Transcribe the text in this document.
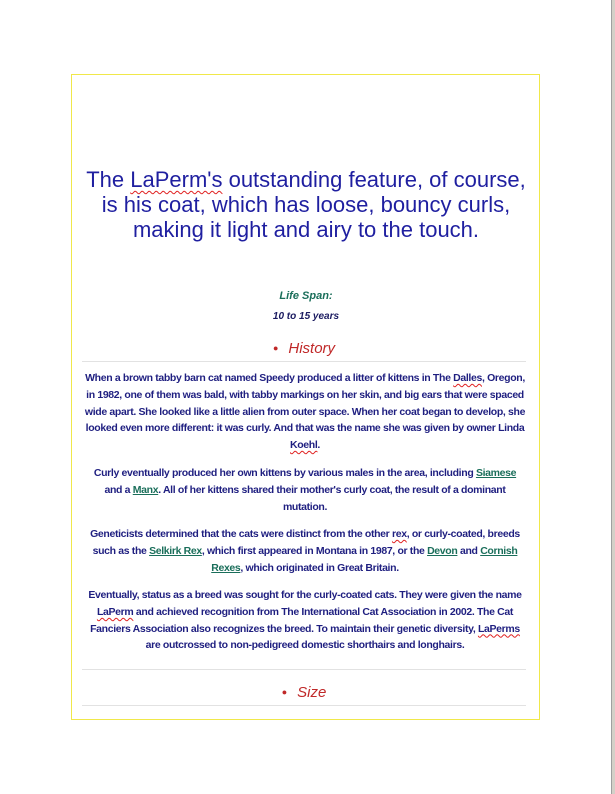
The LaPerm's outstanding feature, of course, is his coat, which has loose, bouncy curls, making it light and airy to the touch.
Life Span:
10 to 15 years
● History

When a brown tabby barn cat named Speedy produced a litter of kittens in The Dalles, Oregon, in 1982, one of them was bald, with tabby markings on her skin, and big ears that were spaced wide apart. She looked like a little alien from outer space. When her coat began to develop, she looked even more different: it was curly. And that was the name she was given by owner Linda Koehl.

Curly eventually produced her own kittens by various males in the area, including Siamese and a Manx. All of her kittens shared their mother's curly coat, the result of a dominant mutation.

Geneticists determined that the cats were distinct from the other rex, or curly-coated, breeds such as the Selkirk Rex, which first appeared in Montana in 1987, or the Devon and Cornish Rexes, which originated in Great Britain.

Eventually, status as a breed was sought for the curly-coated cats. They were given the name LaPerm and achieved recognition from The International Cat Association in 2002. The Cat Fanciers Association also recognizes the breed. To maintain their genetic diversity, LaPerms are outcrossed to non-pedigreed domestic shorthairs and longhairs.

● Size
